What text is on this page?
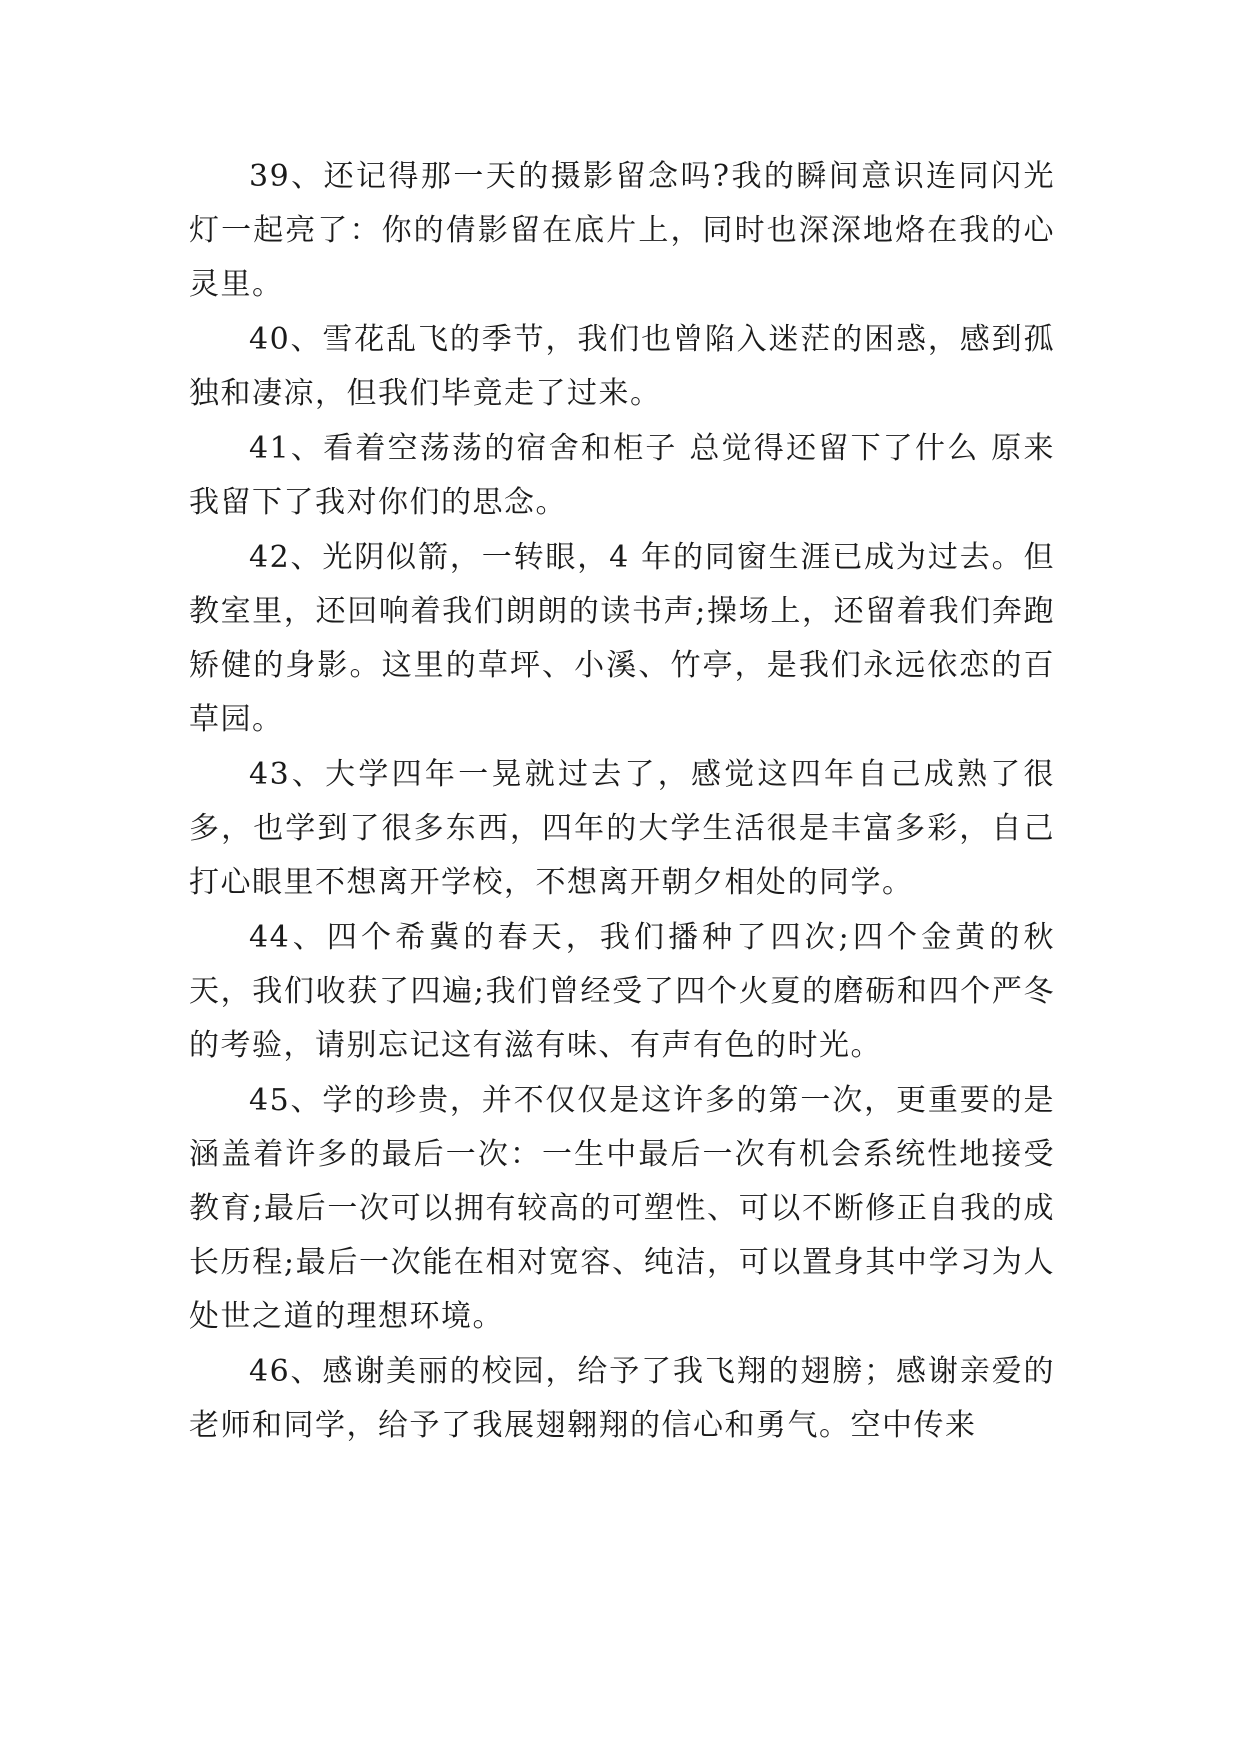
39、还记得那一天的摄影留念吗?我的瞬间意识连同闪光灯一起亮了：你的倩影留在底片上，同时也深深地烙在我的心灵里。

40、雪花乱飞的季节，我们也曾陷入迷茫的困惑，感到孤独和凄凉，但我们毕竟走了过来。

41、看着空荡荡的宿舍和柜子 总觉得还留下了什么 原来我留下了我对你们的思念。

42、光阴似箭，一转眼，4 年的同窗生涯已成为过去。但教室里，还回响着我们朗朗的读书声;操场上，还留着我们奔跑矫健的身影。这里的草坪、小溪、竹亭，是我们永远依恋的百草园。

43、大学四年一晃就过去了，感觉这四年自己成熟了很多，也学到了很多东西，四年的大学生活很是丰富多彩，自己打心眼里不想离开学校，不想离开朝夕相处的同学。

44、四个希冀的春天，我们播种了四次;四个金黄的秋天，我们收获了四遍;我们曾经受了四个火夏的磨砺和四个严冬的考验，请别忘记这有滋有味、有声有色的时光。

45、学的珍贵，并不仅仅是这许多的第一次，更重要的是涵盖着许多的最后一次：一生中最后一次有机会系统性地接受教育;最后一次可以拥有较高的可塑性、可以不断修正自我的成长历程;最后一次能在相对宽容、纯洁，可以置身其中学习为人处世之道的理想环境。

46、感谢美丽的校园，给予了我飞翔的翅膀；感谢亲爱的老师和同学，给予了我展翅翱翔的信心和勇气。空中传来
